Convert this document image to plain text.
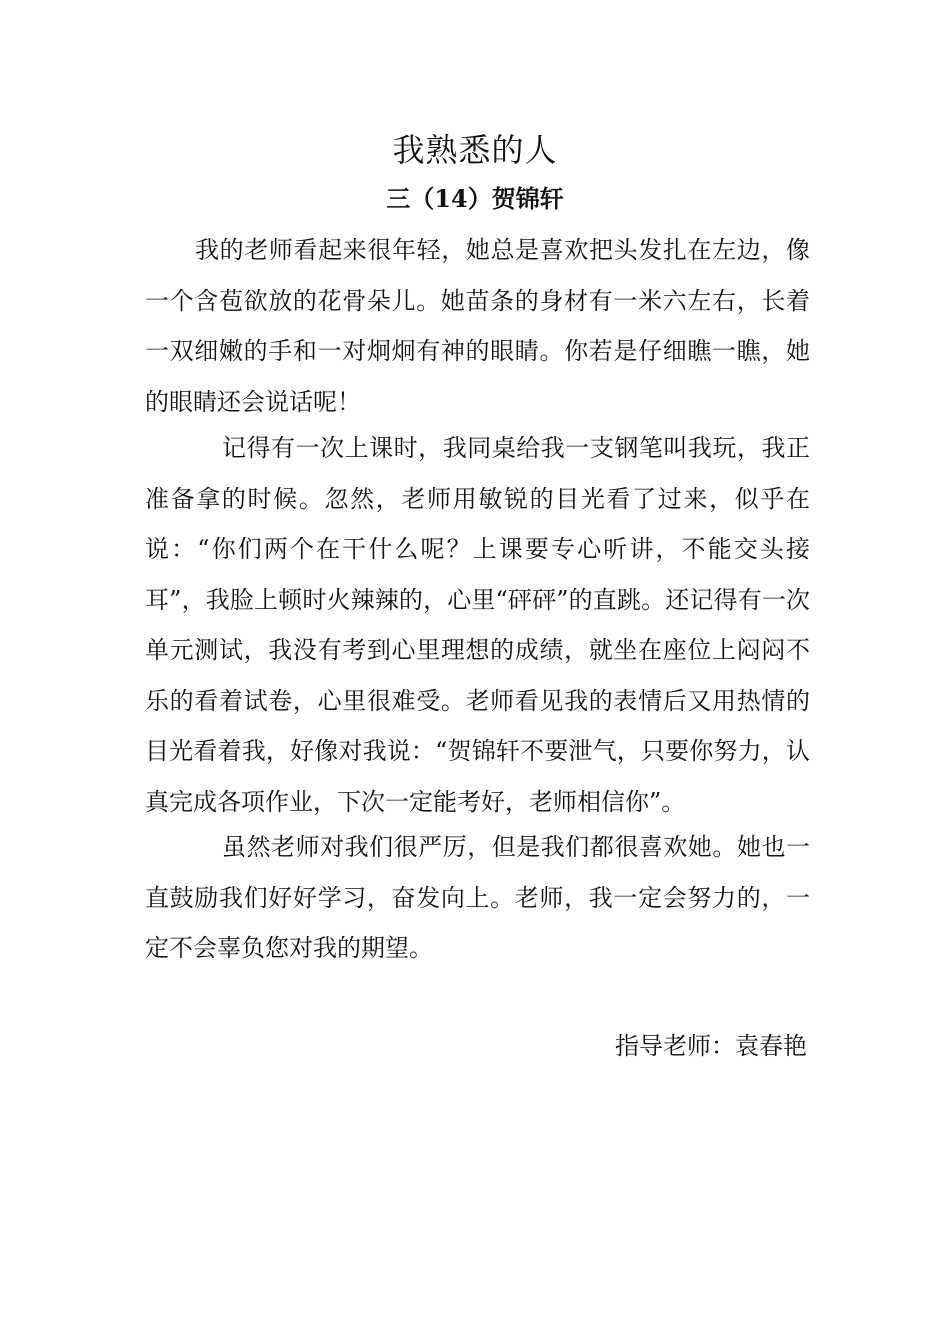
我熟悉的人
三（14）贺锦轩

我的老师看起来很年轻，她总是喜欢把头发扎在左边，像一个含苞欲放的花骨朵儿。她苗条的身材有一米六左右，长着一双细嫩的手和一对炯炯有神的眼睛。你若是仔细瞧一瞧，她的眼睛还会说话呢！

记得有一次上课时，我同桌给我一支钢笔叫我玩，我正准备拿的时候。忽然，老师用敏锐的目光看了过来，似乎在说：“你们两个在干什么呢？上课要专心听讲，不能交头接耳”，我脸上顿时火辣辣的，心里“砰砰”的直跳。还记得有一次单元测试，我没有考到心里理想的成绩，就坐在座位上闷闷不乐的看着试卷，心里很难受。老师看见我的表情后又用热情的目光看着我，好像对我说：“贺锦轩不要泄气，只要你努力，认真完成各项作业，下次一定能考好，老师相信你”。

虽然老师对我们很严厉，但是我们都很喜欢她。她也一直鼓励我们好好学习，奋发向上。老师，我一定会努力的，一定不会辜负您对我的期望。

指导老师：袁春艳
